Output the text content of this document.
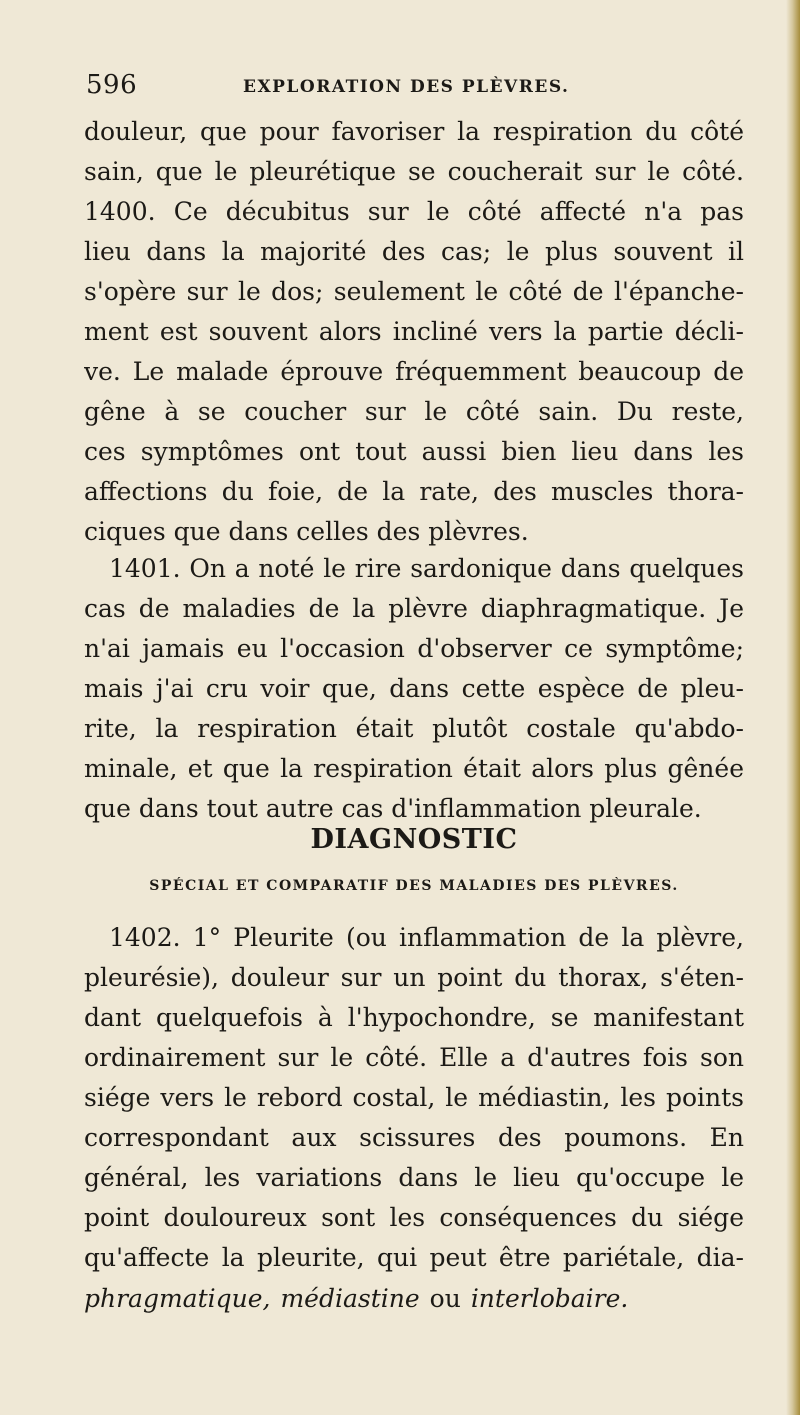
596	EXPLORATION DES PLÈVRES.
douleur, que pour favoriser la respiration du côté
sain, que le pleurétique se coucherait sur le côté.
1400. Ce décubitus sur le côté affecté n'a pas
lieu dans la majorité des cas; le plus souvent il
s'opère sur le dos; seulement le côté de l'épanche-
ment est souvent alors incliné vers la partie décli-
ve. Le malade éprouve fréquemment beaucoup de
gêne à se coucher sur le côté sain. Du reste,
ces symptômes ont tout aussi bien lieu dans les
affections du foie, de la rate, des muscles thora-
ciques que dans celles des plèvres.
1401. On a noté le rire sardonique dans quelques
cas de maladies de la plèvre diaphragmatique. Je
n'ai jamais eu l'occasion d'observer ce symptôme;
mais j'ai cru voir que, dans cette espèce de pleu-
rite, la respiration était plutôt costale qu'abdo-
minale, et que la respiration était alors plus gênée
que dans tout autre cas d'inflammation pleurale.
DIAGNOSTIC
SPÉCIAL ET COMPARATIF DES MALADIES DES PLÈVRES.
1402. 1° Pleurite (ou inflammation de la plèvre,
pleurésie), douleur sur un point du thorax, s'éten-
dant quelquefois à l'hypochondre, se manifestant
ordinairement sur le côté. Elle a d'autres fois son
siége vers le rebord costal, le médiastin, les points
correspondant aux scissures des poumons. En
général, les variations dans le lieu qu'occupe le
point douloureux sont les conséquences du siége
qu'affecte la pleurite, qui peut être pariétale, dia-
phragmatique, médiastine ou interlobaire.
